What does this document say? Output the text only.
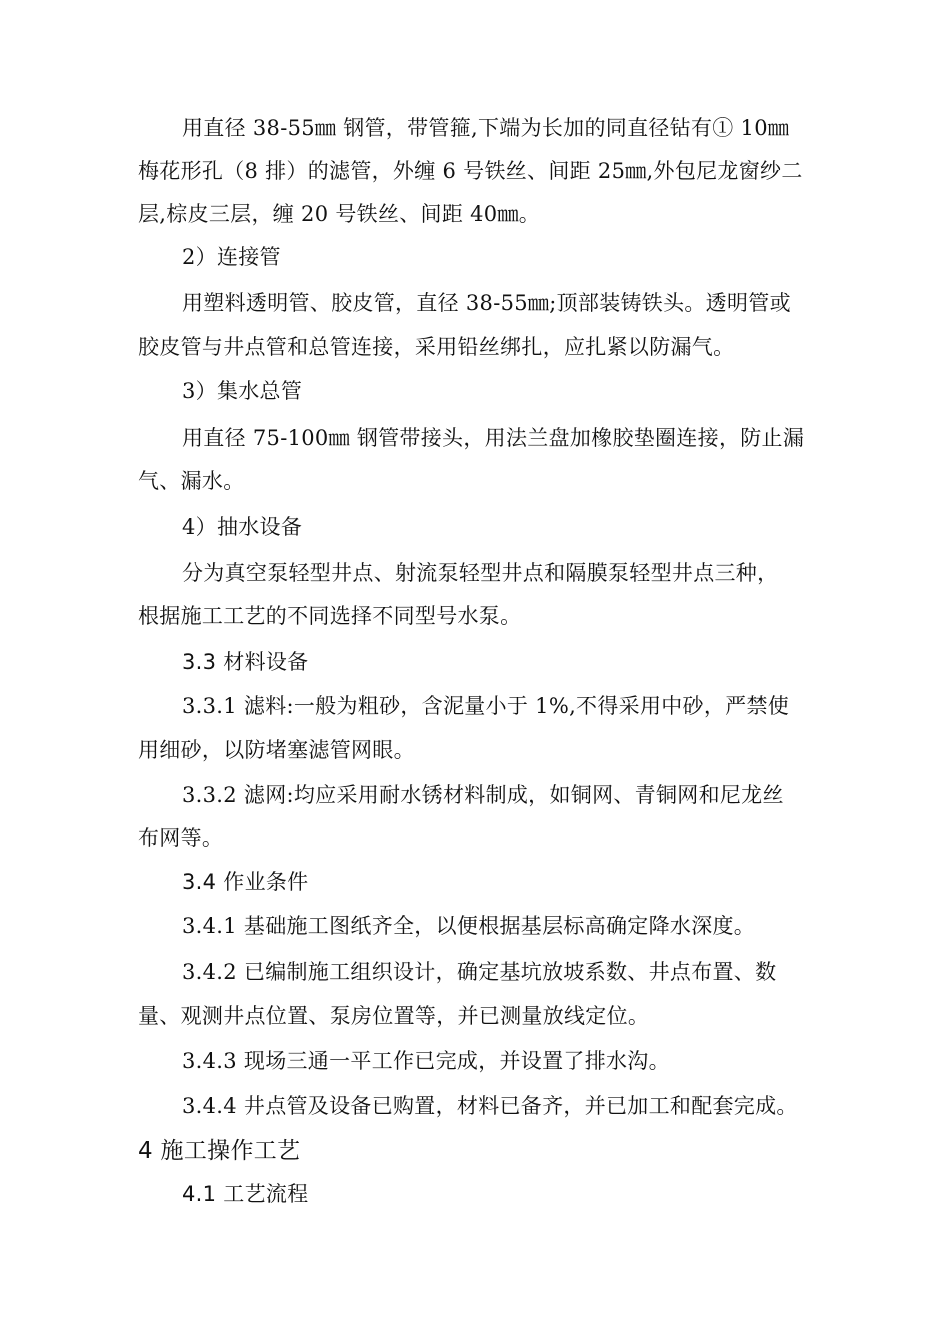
用直径 38-55㎜ 钢管，带管箍,下端为长加的同直径钻有① 10㎜
梅花形孔（8 排）的滤管，外缠 6 号铁丝、间距 25㎜,外包尼龙窗纱二
层,棕皮三层，缠 20 号铁丝、间距 40㎜。
2）连接管
用塑料透明管、胶皮管，直径 38-55㎜;顶部装铸铁头。透明管或
胶皮管与井点管和总管连接，采用铅丝绑扎，应扎紧以防漏气。
3）集水总管
用直径 75-100㎜ 钢管带接头，用法兰盘加橡胶垫圈连接，防止漏
气、漏水。
4）抽水设备
分为真空泵轻型井点、射流泵轻型井点和隔膜泵轻型井点三种，
根据施工工艺的不同选择不同型号水泵。
3.3 材料设备
3.3.1 滤料:一般为粗砂，含泥量小于 1%,不得采用中砂，严禁使
用细砂，以防堵塞滤管网眼。
3.3.2 滤网:均应采用耐水锈材料制成，如铜网、青铜网和尼龙丝
布网等。
3.4 作业条件
3.4.1 基础施工图纸齐全，以便根据基层标高确定降水深度。
3.4.2 已编制施工组织设计，确定基坑放坡系数、井点布置、数
量、观测井点位置、泵房位置等，并已测量放线定位。
3.4.3 现场三通一平工作已完成，并设置了排水沟。
3.4.4 井点管及设备已购置，材料已备齐，并已加工和配套完成。
4 施工操作工艺
4.1 工艺流程
